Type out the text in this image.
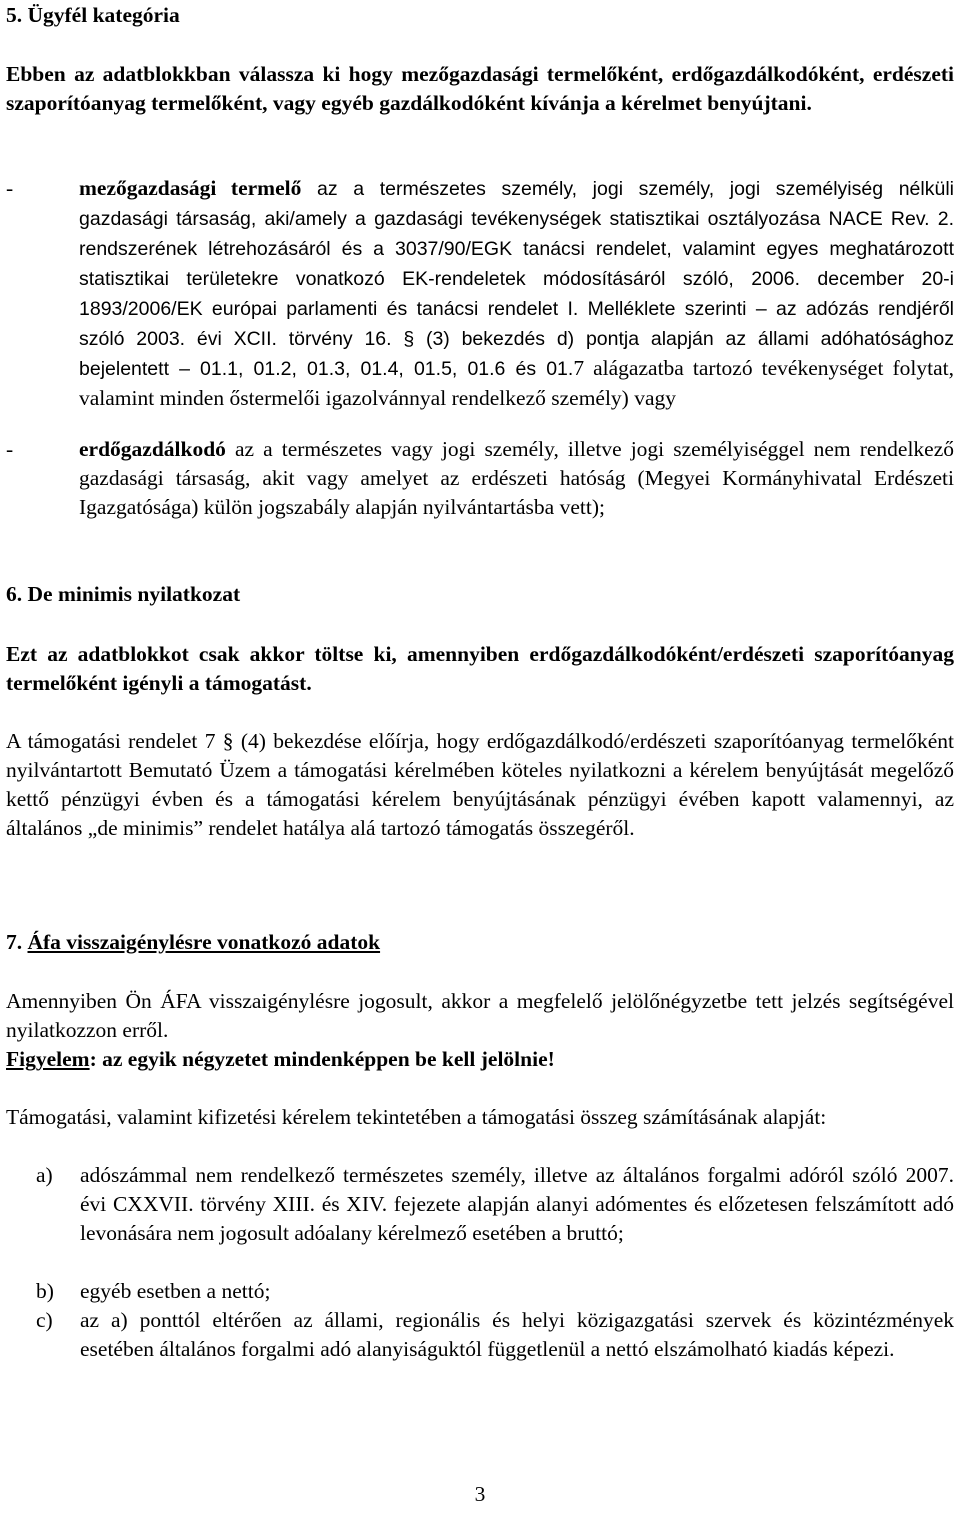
5. Ügyfél kategória
Ebben az adatblokkban válassza ki hogy mezőgazdasági termelőként, erdőgazdálkodóként, erdészeti szaporítóanyag termelőként, vagy egyéb gazdálkodóként kívánja a kérelmet benyújtani.
-	mezőgazdasági termelő az a természetes személy, jogi személy, jogi személyiség nélküli gazdasági társaság, aki/amely a gazdasági tevékenységek statisztikai osztályozása NACE Rev. 2. rendszerének létrehozásáról és a 3037/90/EGK tanácsi rendelet, valamint egyes meghatározott statisztikai területekre vonatkozó EK-rendeletek módosításáról szóló, 2006. december 20-i 1893/2006/EK európai parlamenti és tanácsi rendelet I. Melléklete szerinti – az adózás rendjéről szóló 2003. évi XCII. törvény 16. § (3) bekezdés d) pontja alapján az állami adóhatósághoz bejelentett – 01.1, 01.2, 01.3, 01.4, 01.5, 01.6 és 01.7 alágazatba tartozó tevékenységet folytat, valamint minden őstermelői igazolvánnyal rendelkező személy) vagy
-	erdőgazdálkodó az a természetes vagy jogi személy, illetve jogi személyiséggel nem rendelkező gazdasági társaság, akit vagy amelyet az erdészeti hatóság (Megyei Kormányhivatal Erdészeti Igazgatósága) külön jogszabály alapján nyilvántartásba vett);
6. De minimis nyilatkozat
Ezt az adatblokkot csak akkor töltse ki, amennyiben erdőgazdálkodóként/erdészeti szaporítóanyag termelőként igényli a támogatást.
A támogatási rendelet 7 § (4) bekezdése előírja, hogy erdőgazdálkodó/erdészeti szaporítóanyag termelőként nyilvántartott Bemutató Üzem a támogatási kérelmében köteles nyilatkozni a kérelem benyújtását megelőző kettő pénzügyi évben és a támogatási kérelem benyújtásának pénzügyi évében kapott valamennyi, az általános „de minimis” rendelet hatálya alá tartozó támogatás összegéről.
7. Áfa visszaigénylésre vonatkozó adatok
Amennyiben Ön ÁFA visszaigénylésre jogosult, akkor a megfelelő jelölőnégyzetbe tett jelzés segítségével nyilatkozzon erről.
Figyelem: az egyik négyzetet mindenképpen be kell jelölnie!
Támogatási, valamint kifizetési kérelem tekintetében a támogatási összeg számításának alapját:
a) adószámmal nem rendelkező természetes személy, illetve az általános forgalmi adóról szóló 2007. évi CXXVII. törvény XIII. és XIV. fejezete alapján alanyi adómentes és előzetesen felszámított adó levonására nem jogosult adóalany kérelmező esetében a bruttó;
b) egyéb esetben a nettó;
c) az a) ponttól eltérően az állami, regionális és helyi közigazgatási szervek és közintézmények esetében általános forgalmi adó alanyiságuktól függetlenül a nettó elszámolható kiadás képezi.
3
